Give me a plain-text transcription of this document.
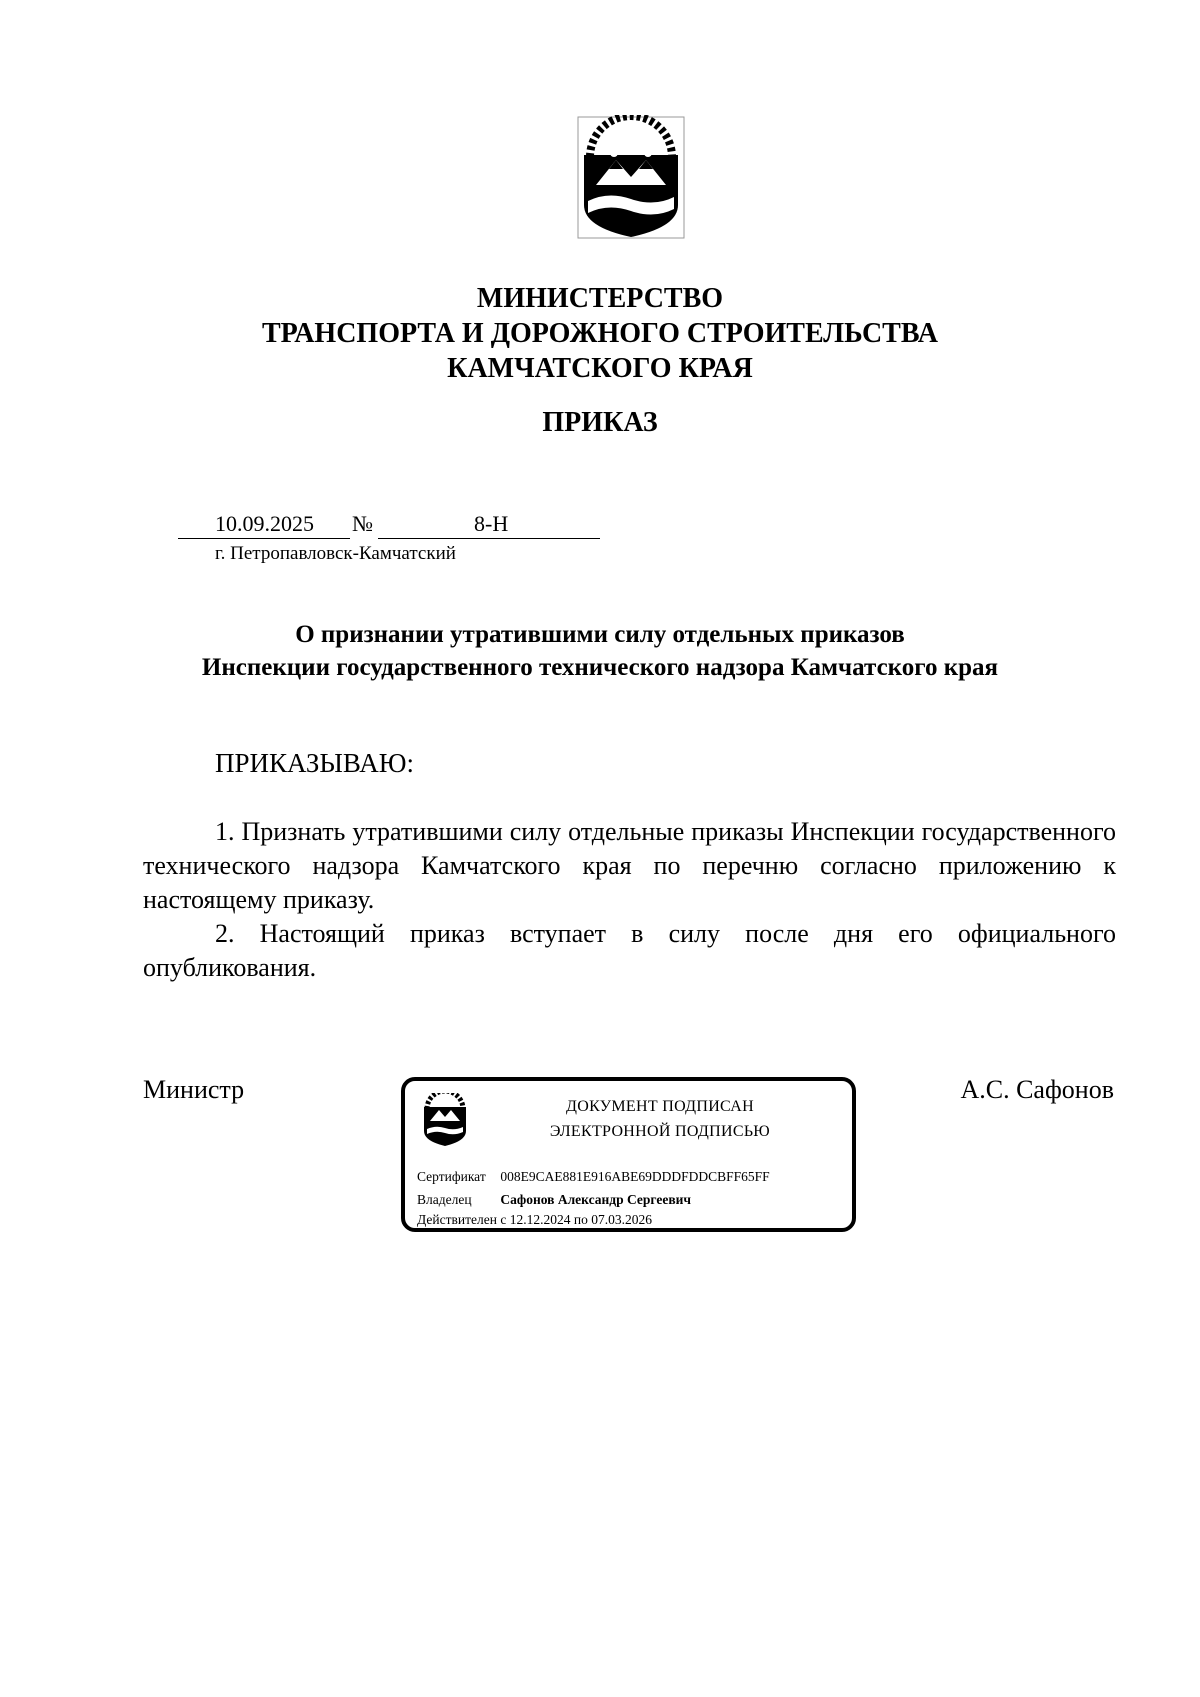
МИНИСТЕРСТВО
ТРАНСПОРТА И ДОРОЖНОГО СТРОИТЕЛЬСТВА
КАМЧАТСКОГО КРАЯ
ПРИКАЗ
10.09.2025 №	8-Н
г. Петропавловск-Камчатский
О признании утратившими силу отдельных приказов
Инспекции государственного технического надзора Камчатского края
ПРИКАЗЫВАЮ:

1. Признать утратившими силу отдельные приказы Инспекции государственного технического надзора Камчатского края по перечню согласно приложению к настоящему приказу.

2. Настоящий приказ вступает в силу после дня его официального опубликования.

Министр	А.С. Сафонов
ДОКУМЕНТ ПОДПИСАН
ЭЛЕКТРОННОЙ ПОДПИСЬЮ
Сертификат 008E9CAE881E916ABE69DDDFDDCBFF65FF
Владелец Сафонов Александр Сергеевич
Действителен с 12.12.2024 по 07.03.2026
